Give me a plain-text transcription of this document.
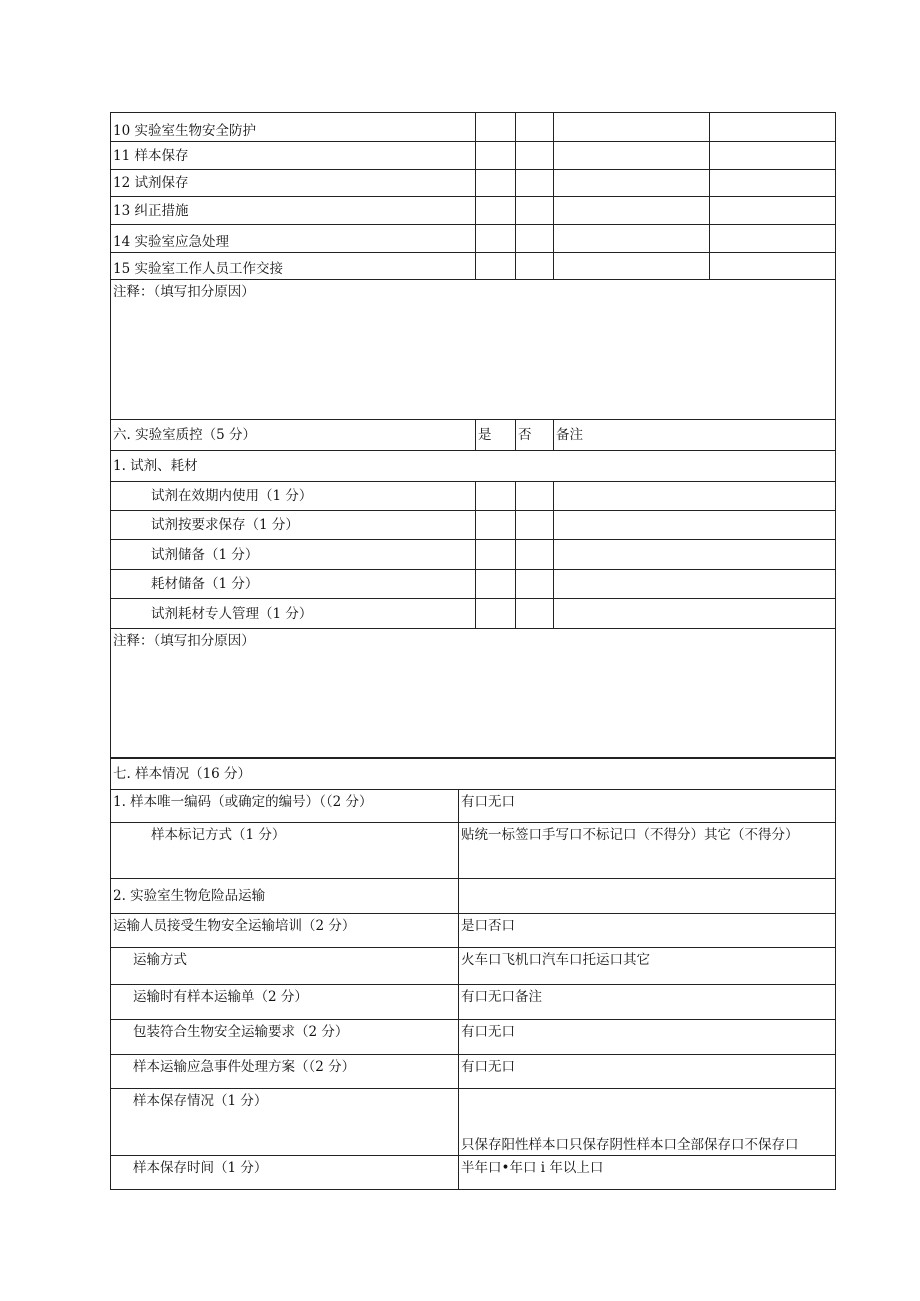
10 实验室生物安全防护				
11 样本保存				
12 试剂保存				
13 纠正措施				
14 实验室应急处理				
15 实验室工作人员工作交接				
注释：（填写扣分原因）				
六. 实验室质控（5 分）	是	否	备注	
1. 试剂、耗材				
试剂在效期内使用（1 分）				
试剂按要求保存（1 分）				
试剂储备（1 分）				
耗材储备（1 分）				
试剂耗材专人管理（1 分）				
注释：（填写扣分原因）				
七. 样本情况（16 分）	
1. 样本唯一编码（或确定的编号）（（2 分）	有口无口
样本标记方式（1 分）	贴统一标签口手写口不标记口（不得分）其它（不得分）
2. 实验室生物危险品运输	
运输人员接受生物安全运输培训（2 分）	是口否口
运输方式	火车口飞机口汽车口托运口其它
运输时有样本运输单（2 分）	有口无口备注
包装符合生物安全运输要求（2 分）	有口无口
样本运输应急事件处理方案（（2 分）	有口无口
样本保存情况（1 分）	只保存阳性样本口只保存阴性样本口全部保存口不保存口
样本保存时间（1 分）	半年口•年口 i 年以上口
